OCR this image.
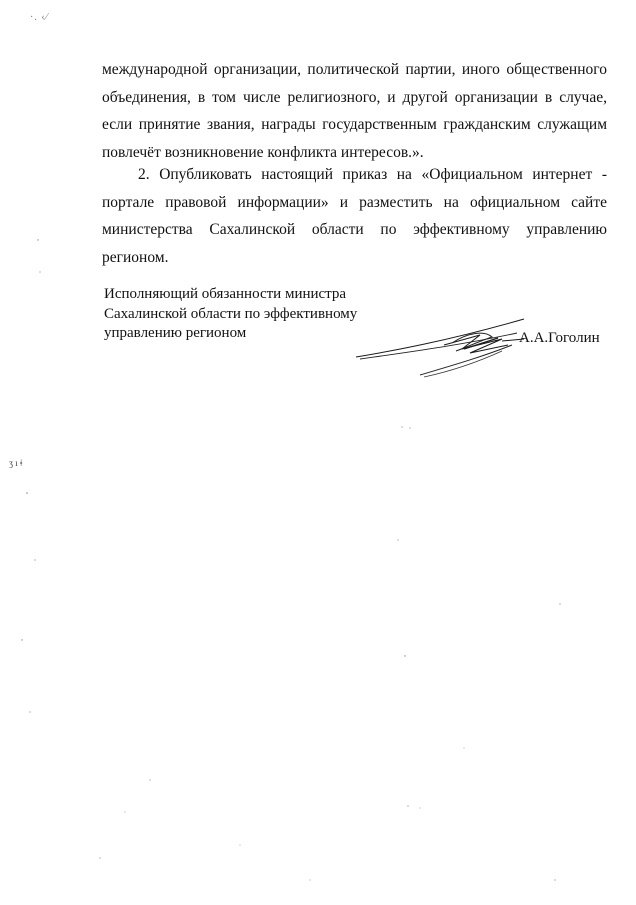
·. ‹⁄
ʒ ı ǂ

международной организации, политической партии, иного общественного объединения, в том числе религиозного, и другой организации в случае, если принятие звания, награды государственным гражданским служащим повлечёт возникновение конфликта интересов.».

2. Опубликовать настоящий приказ на «Официальном интернет - портале правовой информации» и разместить на официальном сайте министерства Сахалинской области по эффективному управлению регионом.

Исполняющий обязанности министра
Сахалинской области по эффективному
управлению регионом	А.А.Гоголин
